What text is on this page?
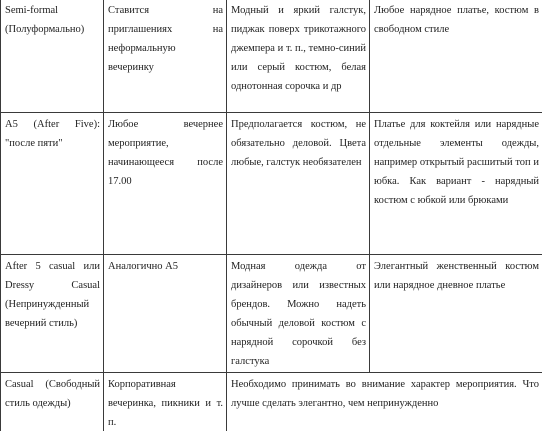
Semi-formal (Полуформально)	Ставится на приглашениях на неформальную вечеринку	Модный и яркий галстук, пиджак поверх трикотажного джемпера и т. п., темно-синий или серый костюм, белая однотонная сорочка и др	Любое нарядное платье, костюм в свободном стиле

A5 (After Five): "после пяти"	Любое вечернее мероприятие, начинающееся после 17.00	Предполагается костюм, не обязательно деловой. Цвета любые, галстук необязателен	Платье для коктейля или нарядные отдельные элементы одежды, например открытый расшитый топ и юбка. Как вариант - нарядный костюм с юбкой или брюками

After 5 casual или Dressy Casual (Непринужденный вечерний стиль)	Аналогично А5	Модная одежда от дизайнеров или известных брендов. Можно надеть обычный деловой костюм с нарядной сорочкой без галстука	Элегантный женственный костюм или нарядное дневное платье

Casual (Свободный стиль одежды)	Корпоративная вечеринка, пикники и т. п.	Необходимо принимать во внимание характер мероприятия. Что лучше сделать элегантно, чем непринужденно	
